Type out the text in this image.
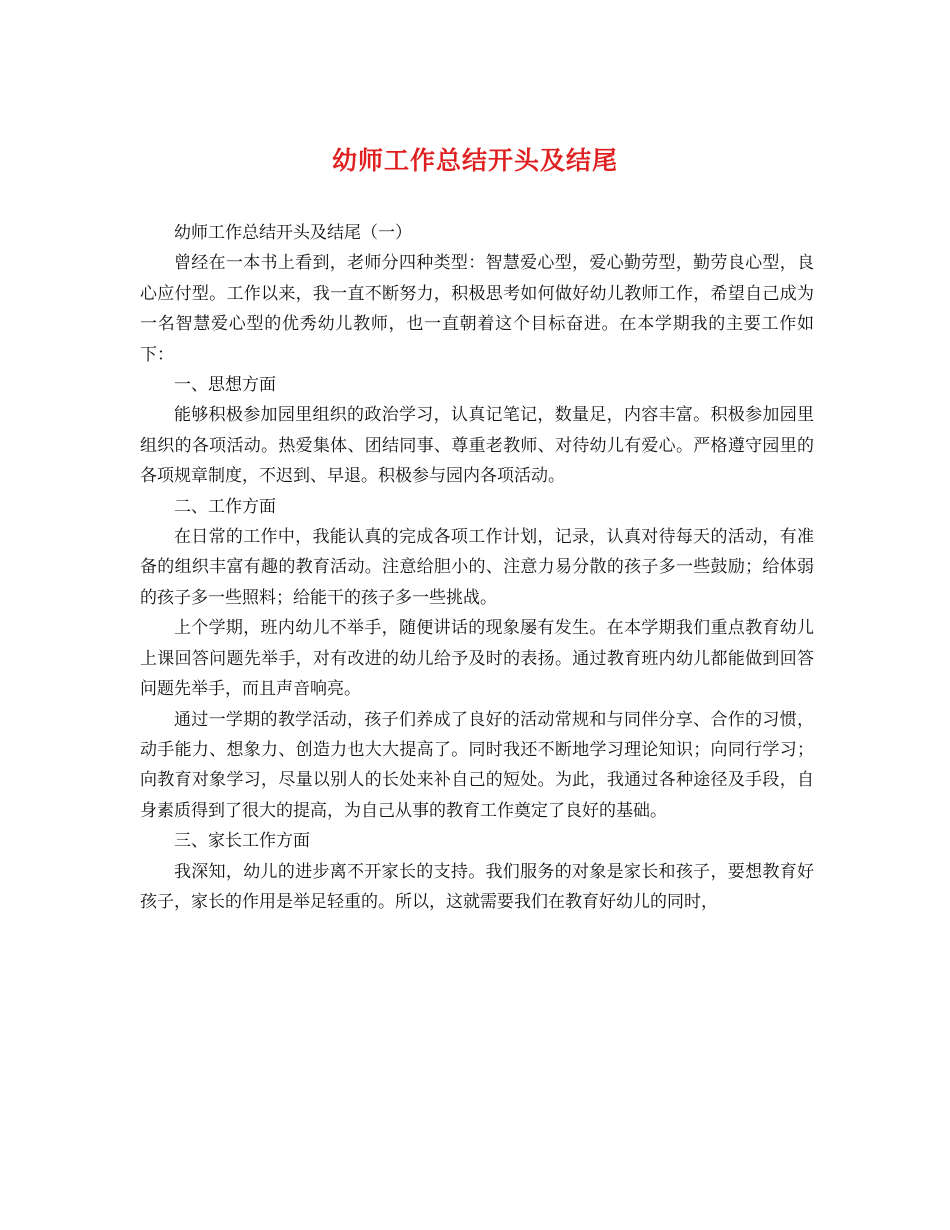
幼师工作总结开头及结尾

幼师工作总结开头及结尾（一）

曾经在一本书上看到，老师分四种类型：智慧爱心型，爱心勤劳型，勤劳良心型，良心应付型。工作以来，我一直不断努力，积极思考如何做好幼儿教师工作，希望自己成为一名智慧爱心型的优秀幼儿教师，也一直朝着这个目标奋进。在本学期我的主要工作如下：

一、思想方面

能够积极参加园里组织的政治学习，认真记笔记，数量足，内容丰富。积极参加园里组织的各项活动。热爱集体、团结同事、尊重老教师、对待幼儿有爱心。严格遵守园里的各项规章制度，不迟到、早退。积极参与园内各项活动。

二、工作方面

在日常的工作中，我能认真的完成各项工作计划，记录，认真对待每天的活动，有准备的组织丰富有趣的教育活动。注意给胆小的、注意力易分散的孩子多一些鼓励；给体弱的孩子多一些照料；给能干的孩子多一些挑战。

上个学期，班内幼儿不举手，随便讲话的现象屡有发生。在本学期我们重点教育幼儿上课回答问题先举手，对有改进的幼儿给予及时的表扬。通过教育班内幼儿都能做到回答问题先举手，而且声音响亮。

通过一学期的教学活动，孩子们养成了良好的活动常规和与同伴分享、合作的习惯，动手能力、想象力、创造力也大大提高了。同时我还不断地学习理论知识；向同行学习；向教育对象学习，尽量以别人的长处来补自己的短处。为此，我通过各种途径及手段，自身素质得到了很大的提高，为自己从事的教育工作奠定了良好的基础。

三、家长工作方面

我深知，幼儿的进步离不开家长的支持。我们服务的对象是家长和孩子，要想教育好孩子，家长的作用是举足轻重的。所以，这就需要我们在教育好幼儿的同时，
